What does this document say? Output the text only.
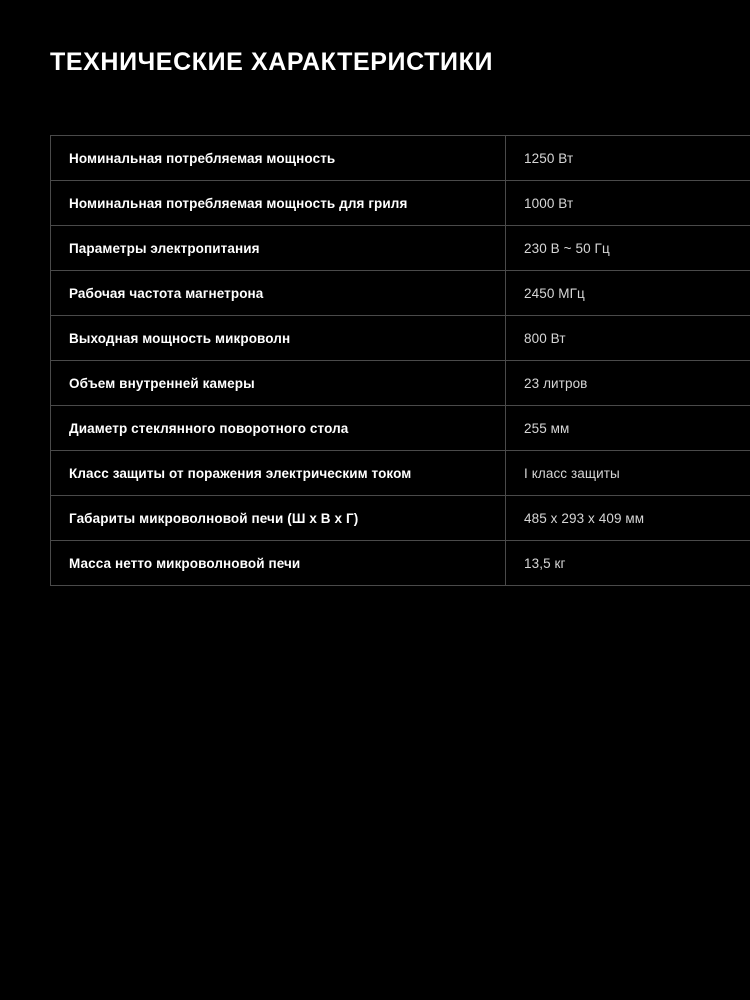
ТЕХНИЧЕСКИЕ ХАРАКТЕРИСТИКИ
Номинальная потребляемая мощность	1250 Вт
Номинальная потребляемая мощность для гриля	1000 Вт
Параметры электропитания	230 В ~ 50 Гц
Рабочая частота магнетрона	2450 МГц
Выходная мощность микроволн	800 Вт
Объем внутренней камеры	23 литров
Диаметр стеклянного поворотного стола	255 мм
Класс защиты от поражения электрическим током	I класс защиты
Габариты микроволновой печи (Ш х В х Г)	485 х 293 х 409 мм
Масса нетто микроволновой печи	13,5 кг
